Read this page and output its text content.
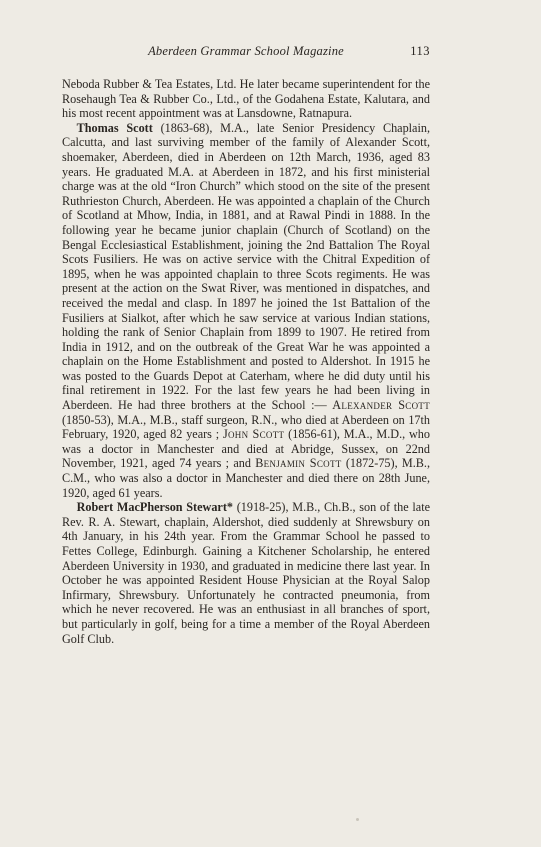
Aberdeen Grammar School Magazine	113

Neboda Rubber & Tea Estates, Ltd. He later became superintendent for the Rosehaugh Tea & Rubber Co., Ltd., of the Godahena Estate, Kalutara, and his most recent appointment was at Lansdowne, Ratnapura.

Thomas Scott (1863-68), M.A., late Senior Presidency Chaplain, Calcutta, and last surviving member of the family of Alexander Scott, shoemaker, Aberdeen, died in Aberdeen on 12th March, 1936, aged 83 years. He graduated M.A. at Aberdeen in 1872, and his first ministerial charge was at the old “Iron Church” which stood on the site of the present Ruthrieston Church, Aberdeen. He was appointed a chaplain of the Church of Scotland at Mhow, India, in 1881, and at Rawal Pindi in 1888. In the following year he became junior chaplain (Church of Scotland) on the Bengal Ecclesiastical Establishment, joining the 2nd Battalion The Royal Scots Fusiliers. He was on active service with the Chitral Expedition of 1895, when he was appointed chaplain to three Scots regiments. He was present at the action on the Swat River, was mentioned in dispatches, and received the medal and clasp. In 1897 he joined the 1st Battalion of the Fusiliers at Sialkot, after which he saw service at various Indian stations, holding the rank of Senior Chaplain from 1899 to 1907. He retired from India in 1912, and on the outbreak of the Great War he was appointed a chaplain on the Home Establishment and posted to Aldershot. In 1915 he was posted to the Guards Depot at Caterham, where he did duty until his final retirement in 1922. For the last few years he had been living in Aberdeen. He had three brothers at the School :— Alexander Scott (1850-53), M.A., M.B., staff surgeon, R.N., who died at Aberdeen on 17th February, 1920, aged 82 years ; John Scott (1856-61), M.A., M.D., who was a doctor in Manchester and died at Abridge, Sussex, on 22nd November, 1921, aged 74 years ; and Benjamin Scott (1872-75), M.B., C.M., who was also a doctor in Manchester and died there on 28th June, 1920, aged 61 years.

Robert MacPherson Stewart* (1918-25), M.B., Ch.B., son of the late Rev. R. A. Stewart, chaplain, Aldershot, died suddenly at Shrewsbury on 4th January, in his 24th year. From the Grammar School he passed to Fettes College, Edinburgh. Gaining a Kitchener Scholarship, he entered Aberdeen University in 1930, and graduated in medicine there last year. In October he was appointed Resident House Physician at the Royal Salop Infirmary, Shrewsbury. Unfortunately he contracted pneumonia, from which he never recovered. He was an enthusiast in all branches of sport, but particularly in golf, being for a time a member of the Royal Aberdeen Golf Club.
